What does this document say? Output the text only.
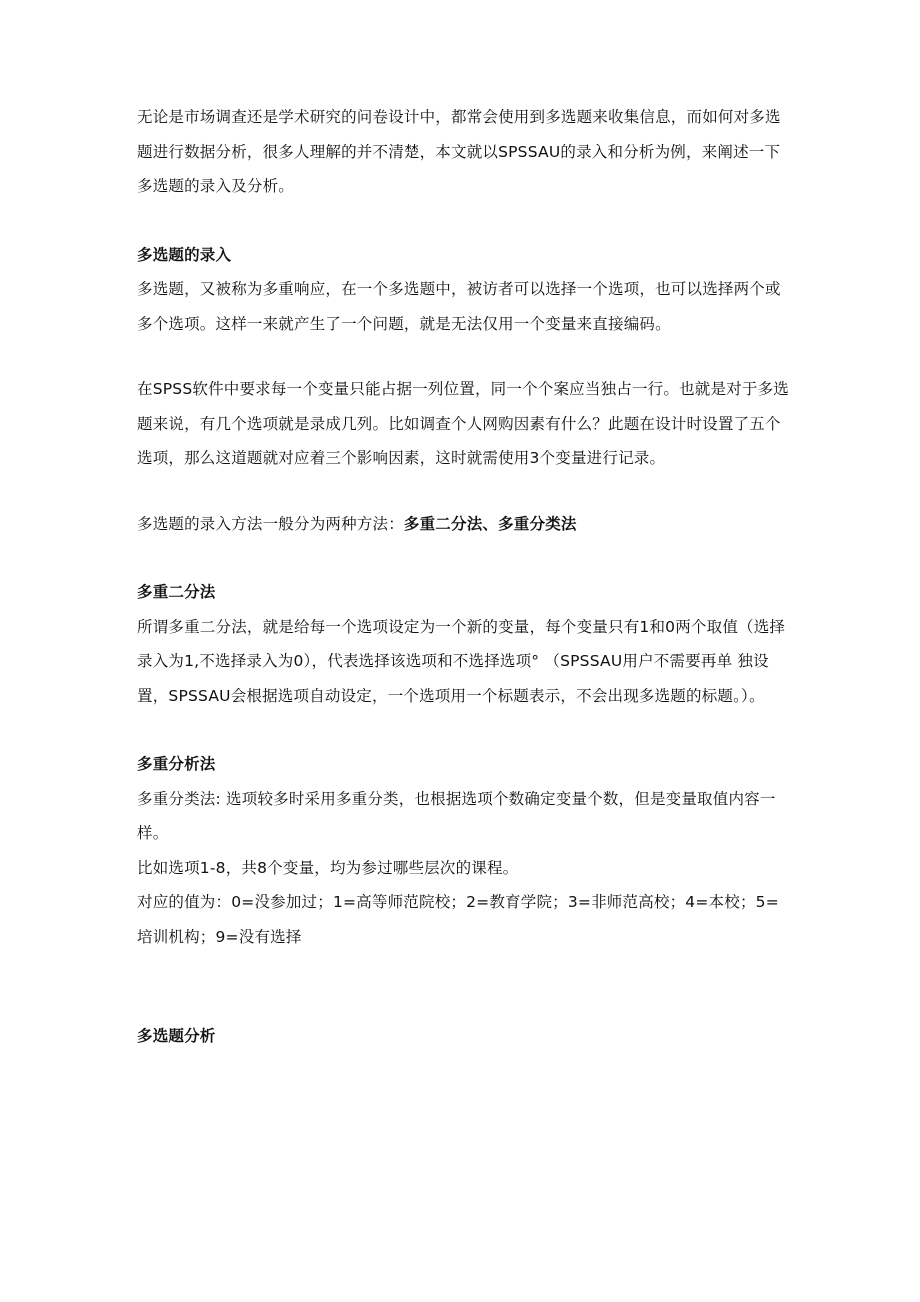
无论是市场调查还是学术研究的问卷设计中，都常会使用到多选题来收集信息，而如何对多选题进行数据分析，很多人理解的并不清楚，本文就以SPSSAU的录入和分析为例，来阐述一下多选题的录入及分析。

多选题的录入

多选题，又被称为多重响应，在一个多选题中，被访者可以选择一个选项，也可以选择两个或多个选项。这样一来就产生了一个问题，就是无法仅用一个变量来直接编码。

在SPSS软件中要求每一个变量只能占据一列位置，同一个个案应当独占一行。也就是对于多选题来说，有几个选项就是录成几列。比如调查个人网购因素有什么？此题在设计时设置了五个选项，那么这道题就对应着三个影响因素，这时就需使用3个变量进行记录。

多选题的录入方法一般分为两种方法：多重二分法、多重分类法

多重二分法

所谓多重二分法，就是给每一个选项设定为一个新的变量，每个变量只有1和0两个取值（选择录入为1,不选择录入为0），代表选择该选项和不选择选项° （SPSSAU用户不需要再单 独设置，SPSSAU会根据选项自动设定，一个选项用一个标题表示，不会出现多选题的标题。）。

多重分析法

多重分类法: 选项较多时采用多重分类，也根据选项个数确定变量个数，但是变量取值内容一样。

比如选项1-8，共8个变量，均为参过哪些层次的课程。

对应的值为：0=没参加过；1=高等师范院校；2=教育学院；3=非师范高校；4=本校；5=培训机构；9=没有选择

多选题分析
